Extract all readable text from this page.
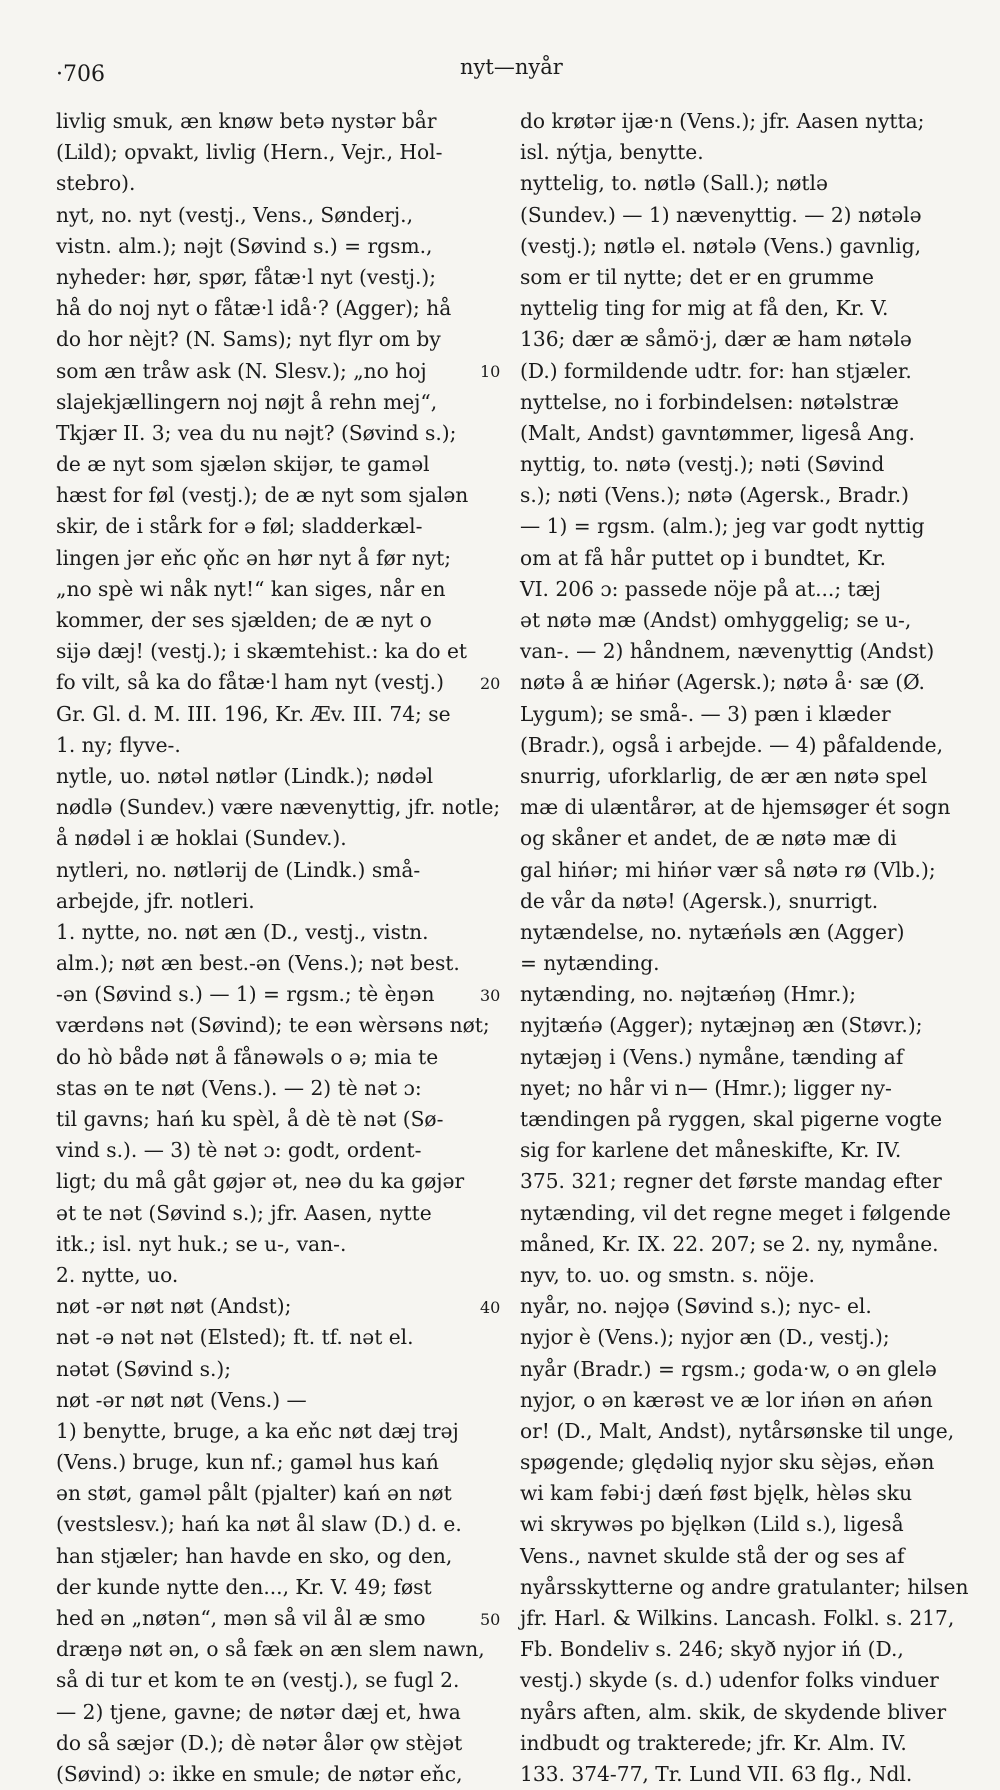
·706	nyt—nyår
livlig smuk, æn knøw betə nystər bår
(Lild); opvakt, livlig (Hern., Vejr., Hol-
stebro).
nyt, no. nyt (vestj., Vens., Sønderj.,
vistn. alm.); nǝjt (Søvind s.) = rgsm.,
nyheder: hør, spør, fåtæ·l nyt (vestj.);
hå do noj nyt o fåtæ·l idå·? (Agger); hå
do hor nèjt? (N. Sams); nyt flyr om by
som æn tråw ask (N. Slesv.); „no hoj
slajekjællingern noj nøjt å rehn mej“,
Tkjær II. 3; vea du nu nǝjt? (Søvind s.);
de æ nyt som sjælən skijər, te gaməl
hæst for føl (vestj.); de æ nyt som sjalən
skir, de i stårk for ə føl; sladderkæl-
lingen jər eňc ǫňc ən hør nyt å før nyt;
„no spè wi nåk nyt!“ kan siges, når en
kommer, der ses sjælden; de æ nyt o
sijə dæj! (vestj.); i skæmtehist.: ka do et
fo vilt, så ka do fåtæ·l ham nyt (vestj.)
Gr. Gl. d. M. III. 196, Kr. Æv. III. 74; se
1. ny; flyve-.
nytle, uo. nøtəl nøtlər (Lindk.); nødəl
nødlə (Sundev.) være nævenyttig, jfr. notle;
å nødəl i æ hoklai (Sundev.).
nytleri, no. nøtlərij de (Lindk.) små-
arbejde, jfr. notleri.
1. nytte, no. nøt æn (D., vestj., vistn.
alm.); nøt æn best.-ən (Vens.); nǝt best.
-ən (Søvind s.) — 1) = rgsm.; tè èŋən
værdəns nǝt (Søvind); te eən wèrsəns nøt;
do hò bådə nøt å fånəwəls o ə; mia te
stas ən te nøt (Vens.). — 2) tè nǝt ɔ:
til gavns; hań ku spèl, å dè tè nǝt (Sø-
vind s.). — 3) tè nǝt ɔ: godt, ordent-
ligt; du må gåt gøjər ət, neə du ka gøjər
ət te nǝt (Søvind s.); jfr. Aasen, nytte
itk.; isl. nyt huk.; se u-, van-.
2. nytte, uo.
nøt -ər nøt nøt (Andst);
nǝt -ə nǝt nǝt (Elsted); ft. tf. nǝt el.
nǝtət (Søvind s.);
nøt -ər nøt nøt (Vens.) —
1) benytte, bruge, a ka eňc nøt dæj trǝj
(Vens.) bruge, kun nf.; gaməl hus kań
ən støt, gaməl pålt (pjalter) kań ən nøt
(vestslesv.); hań ka nøt ål slaw (D.) d. e.
han stjæler; han havde en sko, og den,
der kunde nytte den..., Kr. V. 49; føst
hed ən „nøtən“, mən så vil ål æ smo
dræŋə nøt ən, o så fæk ən æn slem nawn,
så di tur et kom te ən (vestj.), se fugl 2.
— 2) tjene, gavne; de nøtər dæj et, hwa
do så sæjər (D.); dè nǝtər ålər ǫw stèjət
(Søvind) ɔ: ikke en smule; de nøtər eňc,
10
20
30
40
50
do krøtər ijæ·n (Vens.); jfr. Aasen nytta;
isl. nýtja, benytte.
nyttelig, to. nøtlə (Sall.); nøtlə
(Sundev.) — 1) nævenyttig. — 2) nøtələ
(vestj.); nøtlə el. nøtələ (Vens.) gavnlig,
som er til nytte; det er en grumme
nyttelig ting for mig at få den, Kr. V.
136; dær æ såmö·j, dær æ ham nøtələ
(D.) formildende udtr. for: han stjæler.
nyttelse, no i forbindelsen: nøtəlstræ
(Malt, Andst) gavntømmer, ligeså Ang.
nyttig, to. nøtə (vestj.); nǝti (Søvind
s.); nøti (Vens.); nøtə (Agersk., Bradr.)
— 1) = rgsm. (alm.); jeg var godt nyttig
om at få hår puttet op i bundtet, Kr.
VI. 206 ɔ: passede nöje på at...; tæj
ət nøtə mæ (Andst) omhyggelig; se u-,
van-. — 2) håndnem, nævenyttig (Andst)
nøtə å æ hińər (Agersk.); nøtə å· sæ (Ø.
Lygum); se små-. — 3) pæn i klæder
(Bradr.), også i arbejde. — 4) påfaldende,
snurrig, uforklarlig, de ær æn nøtə spel
mæ di ulæntårər, at de hjemsøger ét sogn
og skåner et andet, de æ nøtə mæ di
gal hińər; mi hińər vær så nøtə rø (Vlb.);
de vår da nøtə! (Agersk.), snurrigt.
nytændelse, no. nytæńəls æn (Agger)
= nytænding.
nytænding, no. nǝjtæńəŋ (Hmr.);
nyjtæńə (Agger); nytæjnəŋ æn (Støvr.);
nytæjəŋ i (Vens.) nymåne, tænding af
nyet; no hår vi n— (Hmr.); ligger ny-
tændingen på ryggen, skal pigerne vogte
sig for karlene det måneskifte, Kr. IV.
375. 321; regner det første mandag efter
nytænding, vil det regne meget i følgende
måned, Kr. IX. 22. 207; se 2. ny, nymåne.
nyv, to. uo. og smstn. s. nöje.
nyår, no. nǝjǫə (Søvind s.); nyc- el.
nyjor è (Vens.); nyjor æn (D., vestj.);
nyår (Bradr.) = rgsm.; goda·w, o ən glelə
nyjor, o ən kærəst ve æ lor ińən ən ańən
or! (D., Malt, Andst), nytårsønske til unge,
spøgende; ględəliq nyjor sku sèjəs, eňən
wi kam fǝbi·j dæń føst bjęlk, hèləs sku
wi skrywəs po bjęlkən (Lild s.), ligeså
Vens., navnet skulde stå der og ses af
nyårsskytterne og andre gratulanter; hilsen
jfr. Harl. & Wilkins. Lancash. Folkl. s. 217,
Fb. Bondeliv s. 246; skyð nyjor iń (D.,
vestj.) skyde (s. d.) udenfor folks vinduer
nyårs aften, alm. skik, de skydende bliver
indbudt og trakterede; jfr. Kr. Alm. IV.
133. 374-77, Tr. Lund VII. 63 flg., Ndl.
